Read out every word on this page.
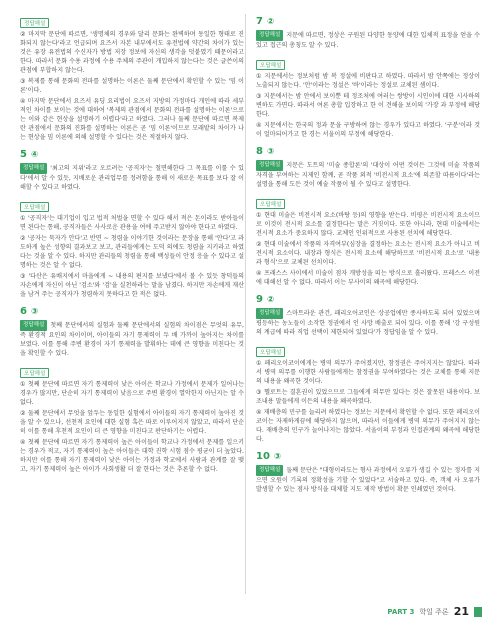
정답해설

② 마지막 문단에 따르면, '생명체의 경우와 달리 문화는 완벽하며 동일한 형태로 진화되지 않는다'라고 언급되며 요즈서 자본 내부에서도 유전법에 약간의 차이가 있는 것은 유장 유전법의 수신자가 방법 저장 정보에 자신의 생각을 덧붙였기 때문이라고 한다. 따라서 문화 수용 과정에 수용 주체의 주관이 개입하지 않는다는 것은 글쓴이의 관점에 부합하지 않는다.

③ 복제를 통해 문화의 전파를 설명하는 이론은 둘째 문단에서 확인할 수 있는 '밈 이론'이다.

④ 마지막 문단에서 요즈서 유딩 요리법이 요즈서 지방의 가정마다 개인에 따라 세부적인 차이를 보이는 것에 대하여 '복제의 관점에서 문화의 전파를 설명하는 이론'으로는 이와 같은 현상을 설명하기 어렵다'라고 하였다. 그러나 둘째 문단에 따르면 복제란 관점에서 문화의 진화를 설명하는 이론은 곧 '밈 이론'이므로 모래밭의 차이가 나는 현상을 밈 이론에 의해 설명할 수 있다는 것은 적절하지 않다.

5 ④

정답해설 '최고의 지위'라고 오르려는 '공직자'는 철면해한다 그 목표를 이룰 수 있다'에서 알 수 있듯, 지배로운 관리업무를 정려함을 통해 이 새로운 목표를 보다 잘 이해할 수 있다고 하였다.

오답해설

① '공직자'는 대기업이 입고 법적 처벌을 면할 수 있다 해서 적은 돈이라도 받아들이 면 된다는 통해, 공직자들은 사사로운 관용을 여에 주고받지 않아야 한다고 하였다.

② '공자는 묵자가 안다'고 반면 ~ 청렴을 이야기한 것이라는 문장을 통해 '안다'고 과도하게 높은 성향의 결과보고 보고, 관리들에게는 도덕 의에도 청렴을 지키라고 하였다는 것을 알 수 있다. 하지만 관리들의 청렴을 통해 백성들이 안정 응을 수 있다고 설명하는 것은 알 수 없다.

③ '다산은 유배지에서 마을에게 ~ 내용의 편지를 보냈다'에서 볼 수 있듯 창덕들의 자손에게 자신이 아닌 '검소'와 '검'을 실천하라는 말을 남겼다. 하지만 자손에게 재산을 남겨 주는 공직자가 청렴하지 못하다고 한 적은 없다.

6 ③

정답해설 첫째 문단에서의 실험과 둘째 문단에서의 실험의 차이점은 무엇의 유무, 즉 환경적 요인의 차이이며, 아이들의 자기 통제력이 두 배 가까이 높아지는 차이를 보였다. 이를 통해 주변 환경이 자기 통제력을 발휘하는 데에 큰 영향을 미친다는 것을 확인할 수 있다.

오답해설

① 첫째 문단에 따르면 자기 통제력이 낮은 아이은 학교나 가정에서 문제가 일어나는 경우가 많지만, 단순히 자기 통제력이 낮음으로 주변 환경이 열악한지 아닌지는 알 수 없다.

② 둘째 문단에서 무엇을 앞두는 동일한 실험에서 아이들의 자기 통제력이 높아진 것을 알 수 있으나, 선천적 요인에 대한 실험 혹은 따로 이루어지지 않았고, 따라서 단순히 이를 통해 후천적 요인이 더 큰 영향을 미친다고 판단하기는 어렵다.

④ 첫째 문단에 따르면 자기 통제력이 높은 아이들이 학교나 가정에서 문제를 일으키는 경우가 적고, 자기 통제력이 높은 아이들은 대학 진학 시험 점수 평균이 더 높았다. 하지만 이를 통해 자기 통제력이 낮은 아이는 가정과 학교에서 사람과 관계를 잘 맺고, 자기 통제력이 높은 아이가 사회생활 더 잘 한다는 것은 추론할 수 없다.

7 ②

정답해설 지문에 따르면, 정상은 구원된 다양한 동양에 대한 입체적 표정을 얻을 수 있고 접근의 총칭도 알 수 있다.

오답해설

① 지문에서는 정보처럼 밤 복 정설에 비판다고 하였다. 따라서 밤 안쪽에는 정상이 노출되지 않는다. '안'이라는 정설은 '바'이라는 정설로 교체된 셈이다.

③ 지문에서는 밤 안에서 보이뿐 테 정조처에 여러는 쌍방이 시인이에 대한 시사하의 변하도 가면다. 따라서 여론 총합 입장하고 한 이 견해을 보이의 '가장 과 부정에 해당한다.

④ 지문에서는 한국의 정과 문을 구방하여 않는 경우가 있다고 하였다. '구분'이라 것이 얼마되어가고 한 경는 서울이의 부정에 해당한다.

8 ③

정답해설 지문은 도트의 '미술 종합론'의 '대상이 어떤 것이든 그것에 미술 작품의 자격을 부여하는 지제인 함께, 곧 작품 외적 '비전시적 요소'에 의존할 따름이다'라는 설명을 통해 도든 것이 예술 작품이 될 수 있다고 설명한다.

오답해설

① 현대 미술은 비전시적 요소(바탕 등)의 영향을 받는다. 비평은 비전시적 요소이므로 이것이 전시적 요소를 결정한다는 말은 거짓이다. 또한 아니라, 현대 미술에서는 전시적 요소가 중요하지 않다. 교체인 인위적으로 사용된 선치에 해당한다.

② 현대 미술에서 작품의 자격여부(심장을 결정하는 요소는 전시적 요소가 아니고 비전시적 요소이다. 내장과 형식은 전시적 요소에 해당하므로 '비전시적 요소'로 '내용과 형식'으로 교체된 선치이다.

④ 프래스스 사이에서 미술이 점자 개방성을 띠는 방식으로 흘러왔다. 프레스스 이전에 대해선 알 수 없다. 따라서 이는 부사이의 왜곡에 해당한다.

9 ②

정답해설 스마트라운 관건, 패리오어코인은 상공업에만 종사하도록 되어 있었으며 평등하는 농노들이 소작한 정권에서 인 사망 배출로 되어 있다. 이를 통해 '강 구성원의 계급에 따라 직업 선택이 제한되어 있었다'가 정답임을 알 수 있다.

오답해설

① 페리오이코이에게는 병역 의무가 주어졌지만, 참정권은 주어지지는 않았다. 따라서 병역 의무를 이행한 사람들에게는 참정권을 부여하였다는 것은 교체를 통해 지문의 내용을 왜곡한 것이다.

③ 헬로트는 결혼권이 있었으므로 그들에게 의무만 있다는 것은 잘못된 내용이다. 보조내용 말들에게 이든의 내용을 왜곡하였다.

④ 재배층의 민구를 늘리려 하였다는 정보는 지문에서 확인할 수 없다. 또한 페리오이코이는 자제하게끔에 해당하지 않으며, 따라서 이들에게 병역 의무가 주어지지 않는다. 재배층의 민구가 늘어나지는 않았다. 서울이의 부정과 인접관계의 왜곡에 해당한다.

10 ③

정답해설 둘째 문단은 "대형이라도는 형사 과정에서 오류가 생길 수 있는 정자를 지으면 오원이 기록의 정확성을 기할 수 있었다"고 서술하고 있다. 즉, 객체 사 오류가 발생할 수 있는 점사 방식을 대체할 지도 제작 방법이 확문 인쇄였던 것이다.

PART 3 학일 주론 21
